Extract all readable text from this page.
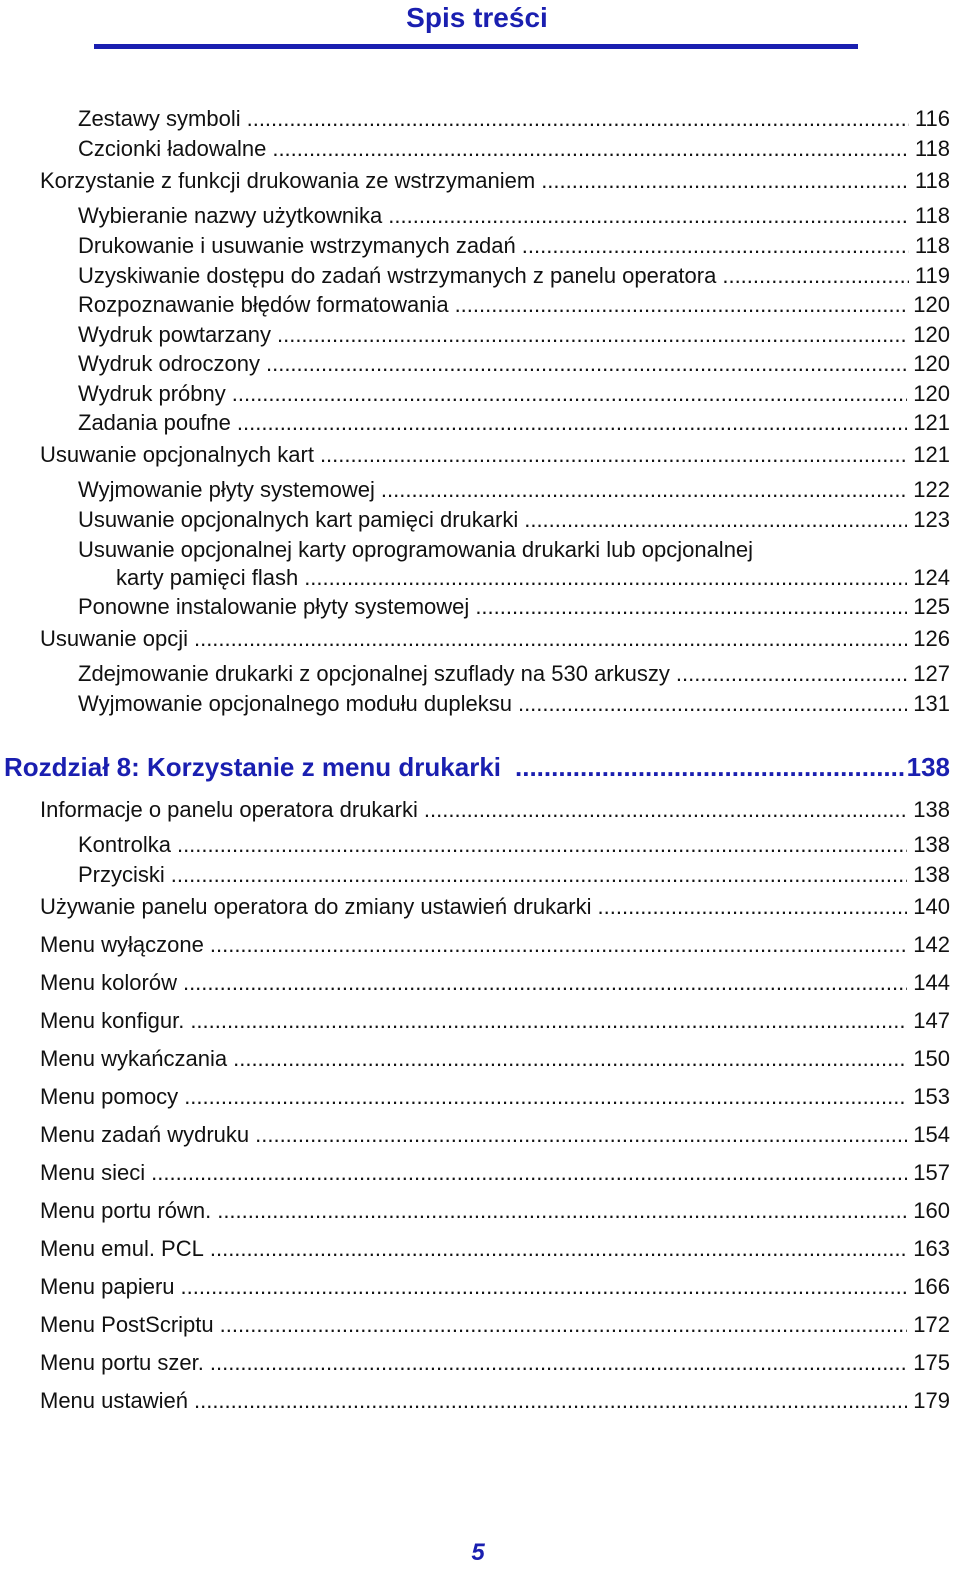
Spis treści
Zestawy symboli .....	116
Czcionki ładowalne .....	118
Korzystanie z funkcji drukowania ze wstrzymaniem .....	118
Wybieranie nazwy użytkownika .....	118
Drukowanie i usuwanie wstrzymanych zadań .....	118
Uzyskiwanie dostępu do zadań wstrzymanych z panelu operatora .....	119
Rozpoznawanie błędów formatowania .....	120
Wydruk powtarzany .....	120
Wydruk odroczony .....	120
Wydruk próbny .....	120
Zadania poufne .....	121
Usuwanie opcjonalnych kart .....	121
Wyjmowanie płyty systemowej .....	122
Usuwanie opcjonalnych kart pamięci drukarki .....	123
Usuwanie opcjonalnej karty oprogramowania drukarki lub opcjonalnej
karty pamięci flash .....	124
Ponowne instalowanie płyty systemowej .....	125
Usuwanie opcji .....	126
Zdejmowanie drukarki z opcjonalnej szuflady na 530 arkuszy .....	127
Wyjmowanie opcjonalnego modułu dupleksu .....	131
Rozdział 8: Korzystanie z menu drukarki .....	138
Informacje o panelu operatora drukarki .....	138
Kontrolka .....	138
Przyciski .....	138
Używanie panelu operatora do zmiany ustawień drukarki .....	140
Menu wyłączone .....	142
Menu kolorów .....	144
Menu konfigur. .....	147
Menu wykańczania .....	150
Menu pomocy .....	153
Menu zadań wydruku .....	154
Menu sieci .....	157
Menu portu równ. .....	160
Menu emul. PCL .....	163
Menu papieru .....	166
Menu PostScriptu .....	172
Menu portu szer. .....	175
Menu ustawień .....	179
5
